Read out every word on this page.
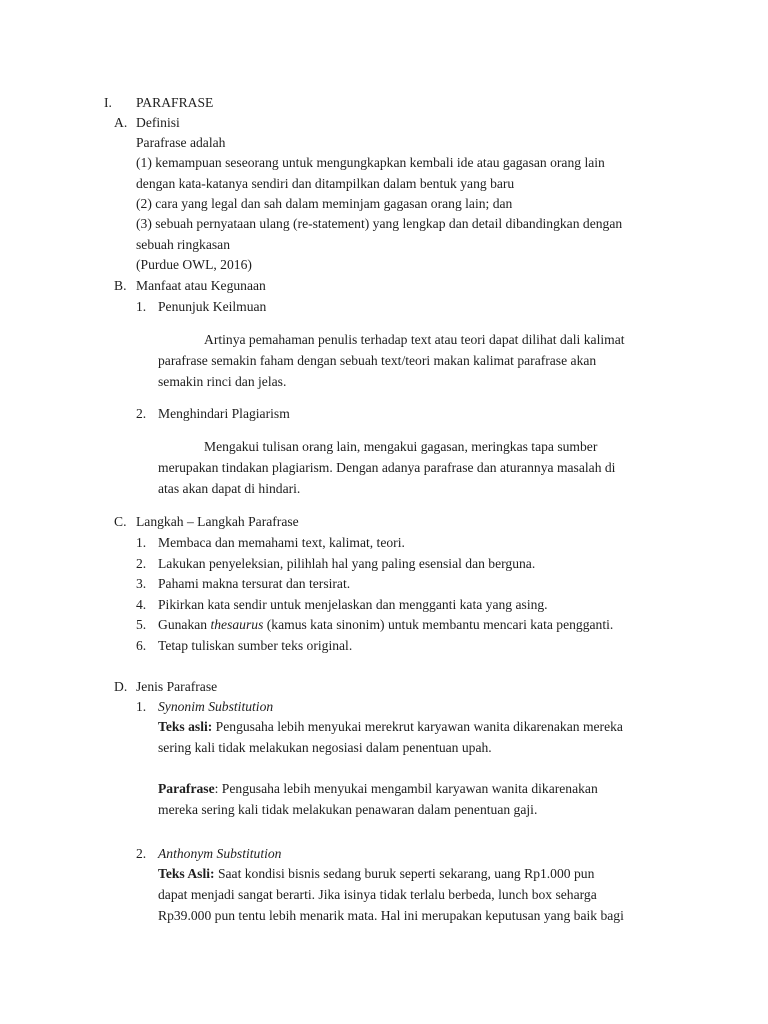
I. PARAFRASE
A. Definisi
Parafrase adalah
(1) kemampuan seseorang untuk mengungkapkan kembali ide atau gagasan orang lain
dengan kata-katanya sendiri dan ditampilkan dalam bentuk yang baru
(2) cara yang legal dan sah dalam meminjam gagasan orang lain; dan
(3) sebuah pernyataan ulang (re-statement) yang lengkap dan detail dibandingkan dengan
sebuah ringkasan
(Purdue OWL, 2016)
B. Manfaat atau Kegunaan
1. Penunjuk Keilmuan
Artinya pemahaman penulis terhadap text atau teori dapat dilihat dali kalimat
parafrase semakin faham dengan sebuah text/teori makan kalimat parafrase akan
semakin rinci dan jelas.
2. Menghindari Plagiarism
Mengakui tulisan orang lain, mengakui gagasan, meringkas tapa sumber
merupakan tindakan plagiarism. Dengan adanya parafrase dan aturannya masalah di
atas akan dapat di hindari.
C. Langkah – Langkah Parafrase
1. Membaca dan memahami text, kalimat, teori.
2. Lakukan penyeleksian, pilihlah hal yang paling esensial dan berguna.
3. Pahami makna tersurat dan tersirat.
4. Pikirkan kata sendir untuk menjelaskan dan mengganti kata yang asing.
5. Gunakan thesaurus (kamus kata sinonim) untuk membantu mencari kata pengganti.
6. Tetap tuliskan sumber teks original.
D. Jenis Parafrase
1. Synonim Substitution
Teks asli: Pengusaha lebih menyukai merekrut karyawan wanita dikarenakan mereka
sering kali tidak melakukan negosiasi dalam penentuan upah.
Parafrase: Pengusaha lebih menyukai mengambil karyawan wanita dikarenakan
mereka sering kali tidak melakukan penawaran dalam penentuan gaji.
2. Anthonym Substitution
Teks Asli: Saat kondisi bisnis sedang buruk seperti sekarang, uang Rp1.000 pun
dapat menjadi sangat berarti. Jika isinya tidak terlalu berbeda, lunch box seharga
Rp39.000 pun tentu lebih menarik mata. Hal ini merupakan keputusan yang baik bagi
